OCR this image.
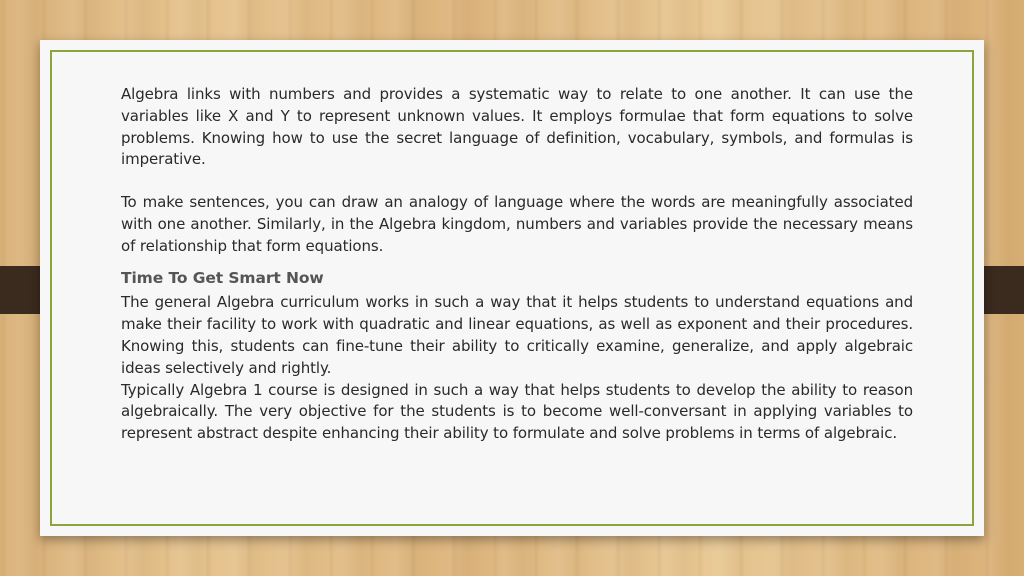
Algebra links with numbers and provides a systematic way to relate to one another. It can use the variables like X and Y to represent unknown values. It employs formulae that form equations to solve problems. Knowing how to use the secret language of definition, vocabulary, symbols, and formulas is imperative.

To make sentences, you can draw an analogy of language where the words are meaningfully associated with one another. Similarly, in the Algebra kingdom, numbers and variables provide the necessary means of relationship that form equations.

Time To Get Smart Now

The general Algebra curriculum works in such a way that it helps students to understand equations and make their facility to work with quadratic and linear equations, as well as exponent and their procedures. Knowing this, students can fine-tune their ability to critically examine, generalize, and apply algebraic ideas selectively and rightly.

Typically Algebra 1 course is designed in such a way that helps students to develop the ability to reason algebraically. The very objective for the students is to become well-conversant in applying variables to represent abstract despite enhancing their ability to formulate and solve problems in terms of algebraic.
